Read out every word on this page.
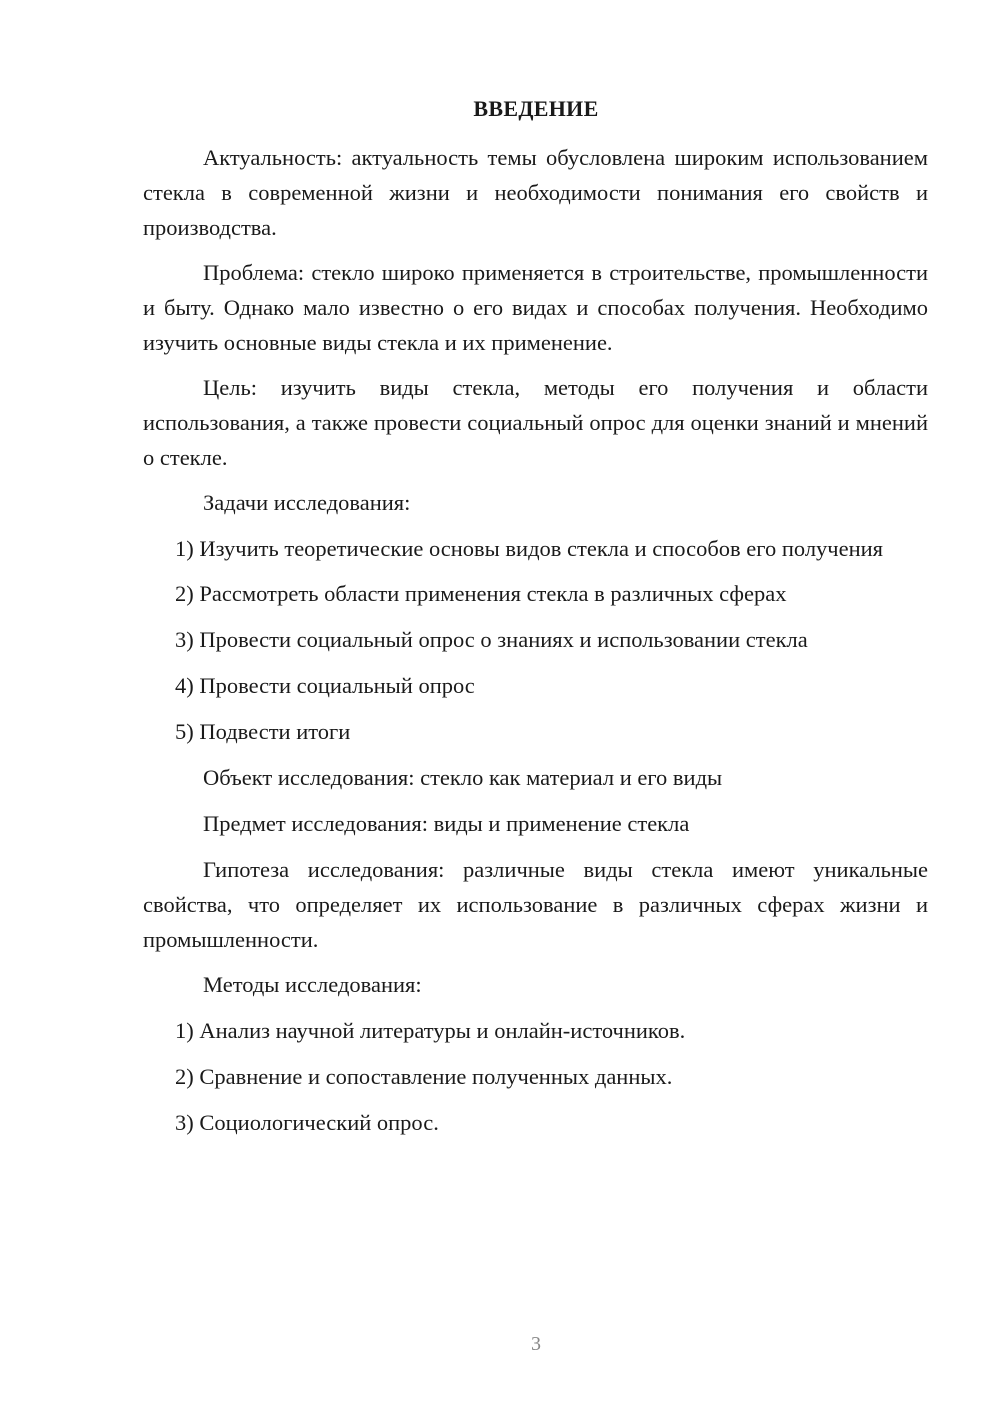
ВВЕДЕНИЕ

Актуальность: актуальность темы обусловлена широким использованием стекла в современной жизни и необходимости понимания его свойств и производства.

Проблема: стекло широко применяется в строительстве, промышленности и быту. Однако мало известно о его видах и способах получения. Необходимо изучить основные виды стекла и их применение.

Цель: изучить виды стекла, методы его получения и области использования, а также провести социальный опрос для оценки знаний и мнений о стекле.

Задачи исследования:

1) Изучить теоретические основы видов стекла и способов его получения

2) Рассмотреть области применения стекла в различных сферах

3) Провести социальный опрос о знаниях и использовании стекла

4) Провести социальный опрос

5) Подвести итоги

Объект исследования: стекло как материал и его виды

Предмет исследования: виды и применение стекла

Гипотеза исследования: различные виды стекла имеют уникальные свойства, что определяет их использование в различных сферах жизни и промышленности.

Методы исследования:

1) Анализ научной литературы и онлайн-источников.

2) Сравнение и сопоставление полученных данных.

3) Социологический опрос.

3
